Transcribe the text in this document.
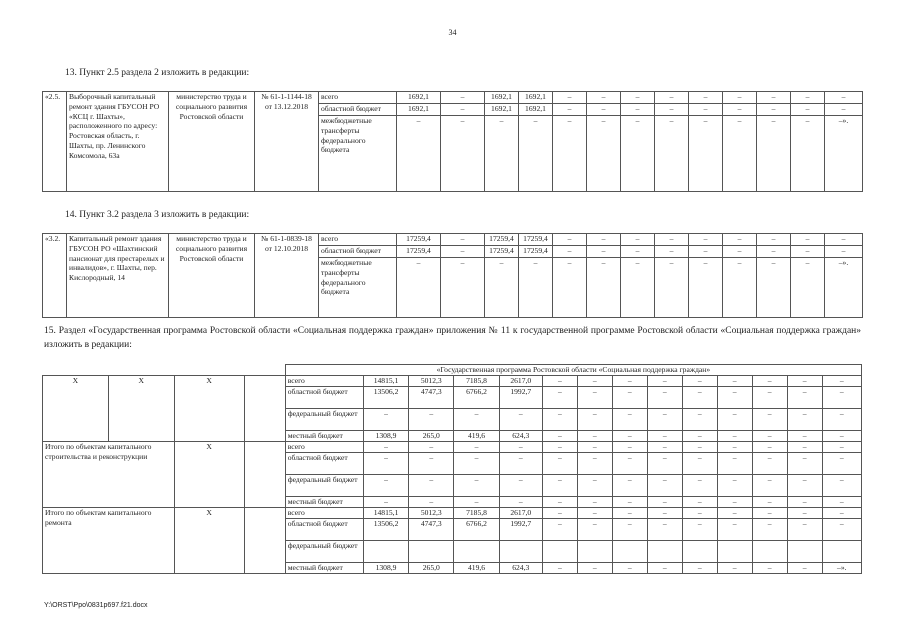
34
13. Пункт 2.5 раздела 2 изложить в редакции:
«2.5.	Выборочный капитальный ремонт здания ГБУСОН РО «КСЦ г. Шахты», расположенного по адресу: Ростовская область, г. Шахты, пр. Ленинского Комсомола, 63а	министерство труда и социального развития Ростовской области	№ 61-1-1144-18 от 13.12.2018	всего	1692,1	–	1692,1	1692,1	–	–	–	–	–	–	–	–	–
				областной бюджет	1692,1	–	1692,1	1692,1	–	–	–	–	–	–	–	–	–
				межбюджетные трансферты федерального бюджета	–	–	–	–	–	–	–	–	–	–	–	–	–».
14. Пункт 3.2 раздела 3 изложить в редакции:
«3.2.	Капитальный ремонт здания ГБУСОН РО «Шахтинский пансионат для престарелых и инвалидов», г. Шахты, пер. Кислородный, 14	министерство труда и социального развития Ростовской области	№ 61-1-0839-18 от 12.10.2018	всего	17259,4	–	17259,4	17259,4	–	–	–	–	–	–	–	–	–
				областной бюджет	17259,4	–	17259,4	17259,4	–	–	–	–	–	–	–	–	–
				межбюджетные трансферты федерального бюджета	–	–	–	–	–	–	–	–	–	–	–	–	–».
15. Раздел «Государственная программа Ростовской области «Социальная поддержка граждан» приложения № 11 к государственной программе Ростовской области «Социальная поддержка граждан» изложить в редакции:
				«Государственная программа Ростовской области «Социальная поддержка граждан»													
X	X	X		всего	14815,1	5012,3	7185,8	2617,0	–	–	–	–	–	–	–	–	–
				областной бюджет	13506,2	4747,3	6766,2	1992,7	–	–	–	–	–	–	–	–	–
				федеральный бюджет	–	–	–	–	–	–	–	–	–	–	–	–	–
				местный бюджет	1308,9	265,0	419,6	624,3	–	–	–	–	–	–	–	–	–
Итого по объектам капитального строительства и реконструкции		X		всего	–	–	–	–	–	–	–	–	–	–	–	–	–
				областной бюджет	–	–	–	–	–	–	–	–	–	–	–	–	–
				федеральный бюджет	–	–	–	–	–	–	–	–	–	–	–	–	–
				местный бюджет	–	–	–	–	–	–	–	–	–	–	–	–	–
Итого по объектам капитального ремонта		X		всего	14815,1	5012,3	7185,8	2617,0	–	–	–	–	–	–	–	–	–
				областной бюджет	13506,2	4747,3	6766,2	1992,7	–	–	–	–	–	–	–	–	–
				федеральный бюджет													
				местный бюджет	1308,9	265,0	419,6	624,3	–	–	–	–	–	–	–	–	–».
Y:\ORST\Ppo\0831p697.f21.docx
